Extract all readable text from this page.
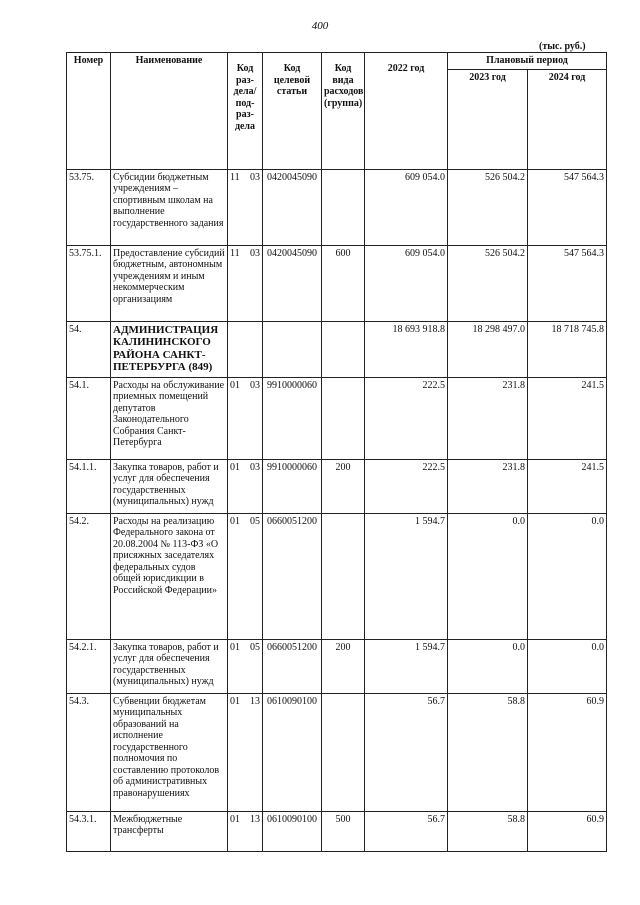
400
(тыс. руб.)
Номер	Наименование	Код раз- дела/ под- раз- дела	Код целевой статьи	Код вида расходов (группа)	2022 год	Плановый период	
						2023 год	2024 год
53.75.	Субсидии бюджетным учреждениям – спортивным школам на выполнение государственного задания	11 03	0420045090		609 054.0	526 504.2	547 564.3
53.75.1.	Предоставление субсидий бюджетным, автономным учреждениям и иным некоммерческим организациям	11 03	0420045090	600	609 054.0	526 504.2	547 564.3
54.	АДМИНИСТРАЦИЯ КАЛИНИНСКОГО РАЙОНА САНКТ-ПЕТЕРБУРГА (849)				18 693 918.8	18 298 497.0	18 718 745.8
54.1.	Расходы на обслуживание приемных помещений депутатов Законодательного Собрания Санкт-Петербурга	01 03	9910000060		222.5	231.8	241.5
54.1.1.	Закупка товаров, работ и услуг для обеспечения государственных (муниципальных) нужд	01 03	9910000060	200	222.5	231.8	241.5
54.2.	Расходы на реализацию Федерального закона от 20.08.2004 № 113-ФЗ «О присяжных заседателях федеральных судов общей юрисдикции в Российской Федерации»	01 05	0660051200		1 594.7	0.0	0.0
54.2.1.	Закупка товаров, работ и услуг для обеспечения государственных (муниципальных) нужд	01 05	0660051200	200	1 594.7	0.0	0.0
54.3.	Субвенции бюджетам муниципальных образований на исполнение государственного полномочия по составлению протоколов об административных правонарушениях	01 13	0610090100		56.7	58.8	60.9
54.3.1.	Межбюджетные трансферты	01 13	0610090100	500	56.7	58.8	60.9
